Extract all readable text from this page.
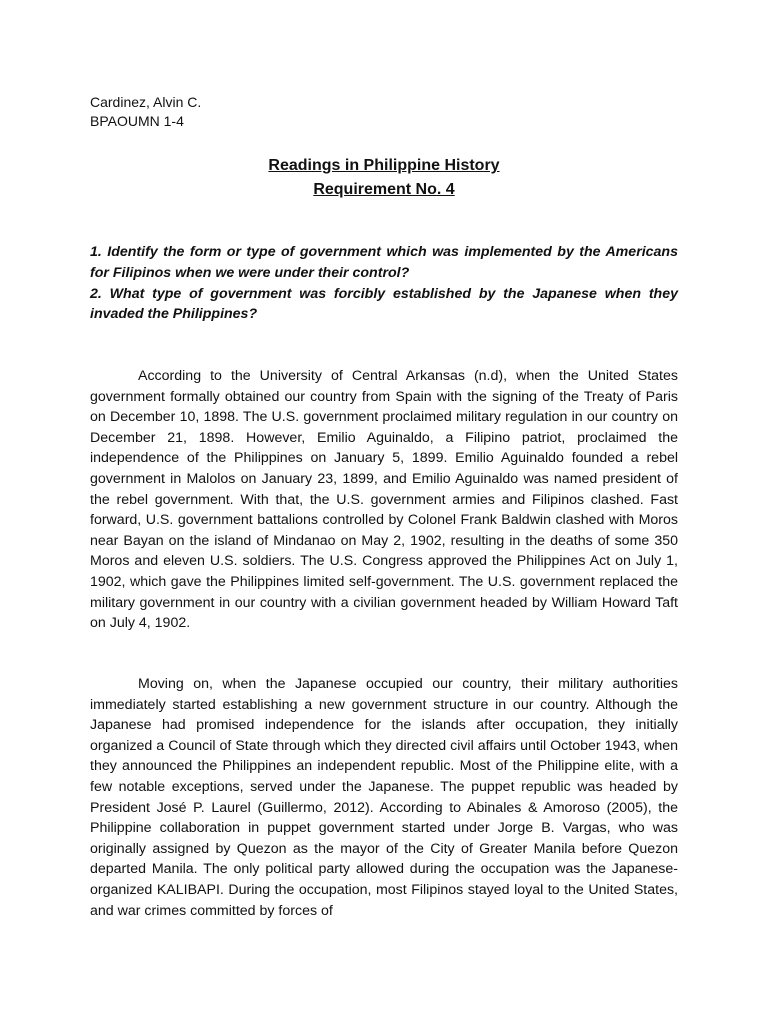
Cardinez, Alvin C.
BPAOUMN 1-4
Readings in Philippine History
Requirement No. 4

1. Identify the form or type of government which was implemented by the Americans for Filipinos when we were under their control?

2. What type of government was forcibly established by the Japanese when they invaded the Philippines?

According to the University of Central Arkansas (n.d), when the United States government formally obtained our country from Spain with the signing of the Treaty of Paris on December 10, 1898. The U.S. government proclaimed military regulation in our country on December 21, 1898. However, Emilio Aguinaldo, a Filipino patriot, proclaimed the independence of the Philippines on January 5, 1899. Emilio Aguinaldo founded a rebel government in Malolos on January 23, 1899, and Emilio Aguinaldo was named president of the rebel government. With that, the U.S. government armies and Filipinos clashed. Fast forward, U.S. government battalions controlled by Colonel Frank Baldwin clashed with Moros near Bayan on the island of Mindanao on May 2, 1902, resulting in the deaths of some 350 Moros and eleven U.S. soldiers. The U.S. Congress approved the Philippines Act on July 1, 1902, which gave the Philippines limited self-government. The U.S. government replaced the military government in our country with a civilian government headed by William Howard Taft on July 4, 1902.

Moving on, when the Japanese occupied our country, their military authorities immediately started establishing a new government structure in our country. Although the Japanese had promised independence for the islands after occupation, they initially organized a Council of State through which they directed civil affairs until October 1943, when they announced the Philippines an independent republic. Most of the Philippine elite, with a few notable exceptions, served under the Japanese. The puppet republic was headed by President José P. Laurel (Guillermo, 2012). According to Abinales & Amoroso (2005), the Philippine collaboration in puppet government started under Jorge B. Vargas, who was originally assigned by Quezon as the mayor of the City of Greater Manila before Quezon departed Manila. The only political party allowed during the occupation was the Japanese-organized KALIBAPI. During the occupation, most Filipinos stayed loyal to the United States, and war crimes committed by forces of
